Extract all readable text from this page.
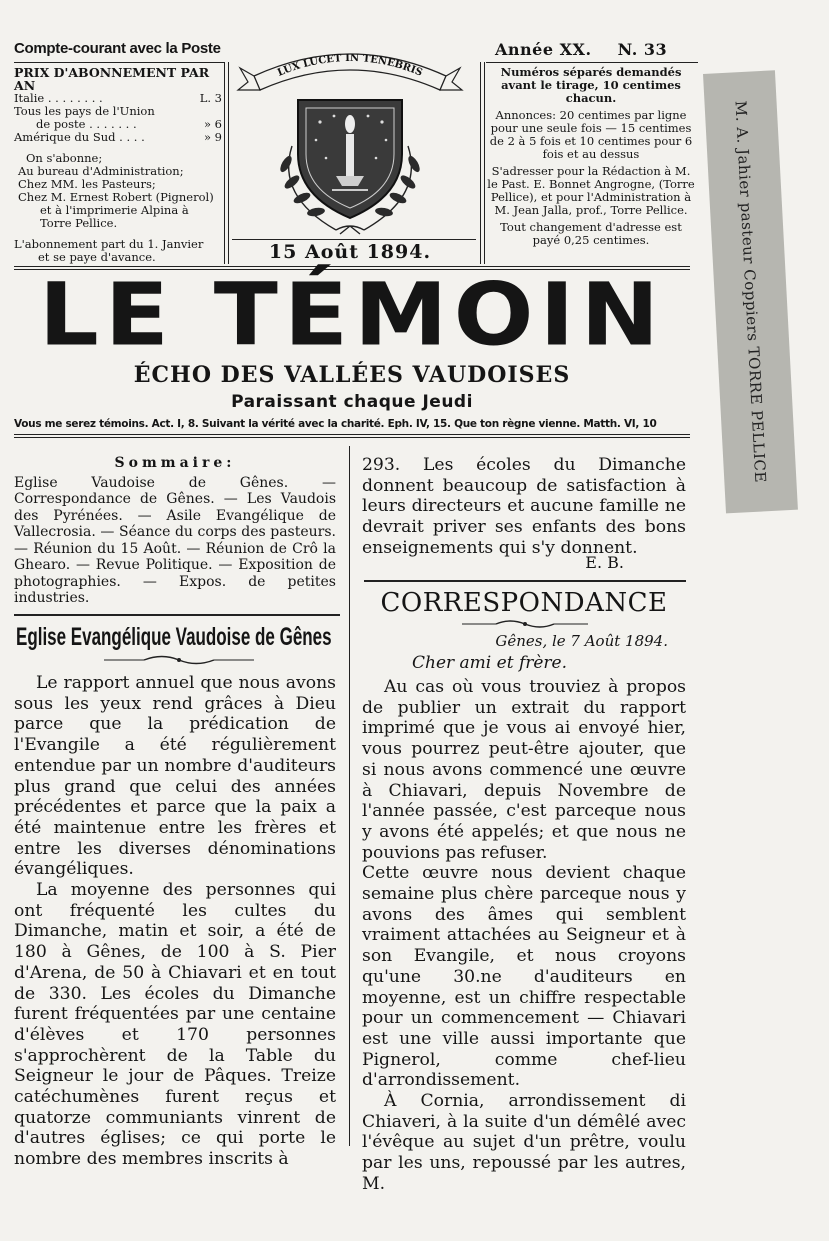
Compte-courant avec la Poste	Année XX. N. 33
PRIX D'ABONNEMENT PAR AN
Italie . . . . . . . .	L. 3
Tous les pays de l'Union
de poste . . . . . . .	» 6
Amérique du Sud . . . .	» 9
On s'abonne;
Au bureau d'Administration;
Chez MM. les Pasteurs;
Chez M. Ernest Robert (Pignerol)
et à l'imprimerie Alpina à
Torre Pellice.
L'abonnement part du 1. Janvier
et se paye d'avance.
LUX LUCET IN TENEBRIS
15 Août 1894.

Numéros séparés demandés avant le tirage, 10 centimes chacun.

Annonces: 20 centimes par ligne pour une seule fois — 15 centimes de 2 à 5 fois et 10 centimes pour 6 fois et au dessus

S'adresser pour la Rédaction à M. le Past. E. Bonnet Angrogne, (Torre Pellice), et pour l'Administration à M. Jean Jalla, prof., Torre Pellice.

Tout changement d'adresse est payé 0,25 centimes.	M. A. Jahier pasteur Coppiers TORRE PELLICE
LE TÉMOIN
ÉCHO DES VALLÉES VAUDOISES
Paraissant chaque Jeudi
Vous me serez témoins. Act. I, 8. Suivant la vérité avec la charité. Eph. IV, 15. Que ton règne vienne. Matth. VI, 10
Sommaire:
Eglise Vaudoise de Gênes. — Correspondance de Gênes. — Les Vaudois des Pyrénées. — Asile Evangélique de Vallecrosia. — Séance du corps des pasteurs. — Réunion du 15 Août. — Réunion de Crô la Ghearo. — Revue Politique. — Exposition de photographies. — Expos. de petites industries.
Eglise Evangélique Vaudoise de Gênes

Le rapport annuel que nous avons sous les yeux rend grâces à Dieu parce que la prédication de l'Evangile a été régulièrement entendue par un nombre d'auditeurs plus grand que celui des années précédentes et parce que la paix a été maintenue entre les frères et entre les diverses dénominations évangéliques.

La moyenne des personnes qui ont fréquenté les cultes du Dimanche, matin et soir, a été de 180 à Gênes, de 100 à S. Pier d'Arena, de 50 à Chiavari et en tout de 330. Les écoles du Dimanche furent fréquentées par une centaine d'élèves et 170 personnes s'approchèrent de la Table du Seigneur le jour de Pâques. Treize catéchumènes furent reçus et quatorze communiants vinrent de d'autres églises; ce qui porte le nombre des membres inscrits à

293. Les écoles du Dimanche donnent beaucoup de satisfaction à leurs directeurs et aucune famille ne devrait priver ses enfants des bons enseignements qui s'y donnent.

E. B.
CORRESPONDANCE
Gênes, le 7 Août 1894.
Cher ami et frère.

Au cas où vous trouviez à propos de publier un extrait du rapport imprimé que je vous ai envoyé hier, vous pourrez peut-être ajouter, que si nous avons commencé une œuvre à Chiavari, depuis Novembre de l'année passée, c'est parceque nous y avons été appelés; et que nous ne pouvions pas refuser.

Cette œuvre nous devient chaque semaine plus chère parceque nous y avons des âmes qui semblent vraiment attachées au Seigneur et à son Evangile, et nous croyons qu'une 30.ne d'auditeurs en moyenne, est un chiffre respectable pour un commencement — Chiavari est une ville aussi importante que Pignerol, comme chef-lieu d'arrondissement.

À Cornia, arrondissement di Chiaveri, à la suite d'un démêlé avec l'évêque au sujet d'un prêtre, voulu par les uns, repoussé par les autres, M.
